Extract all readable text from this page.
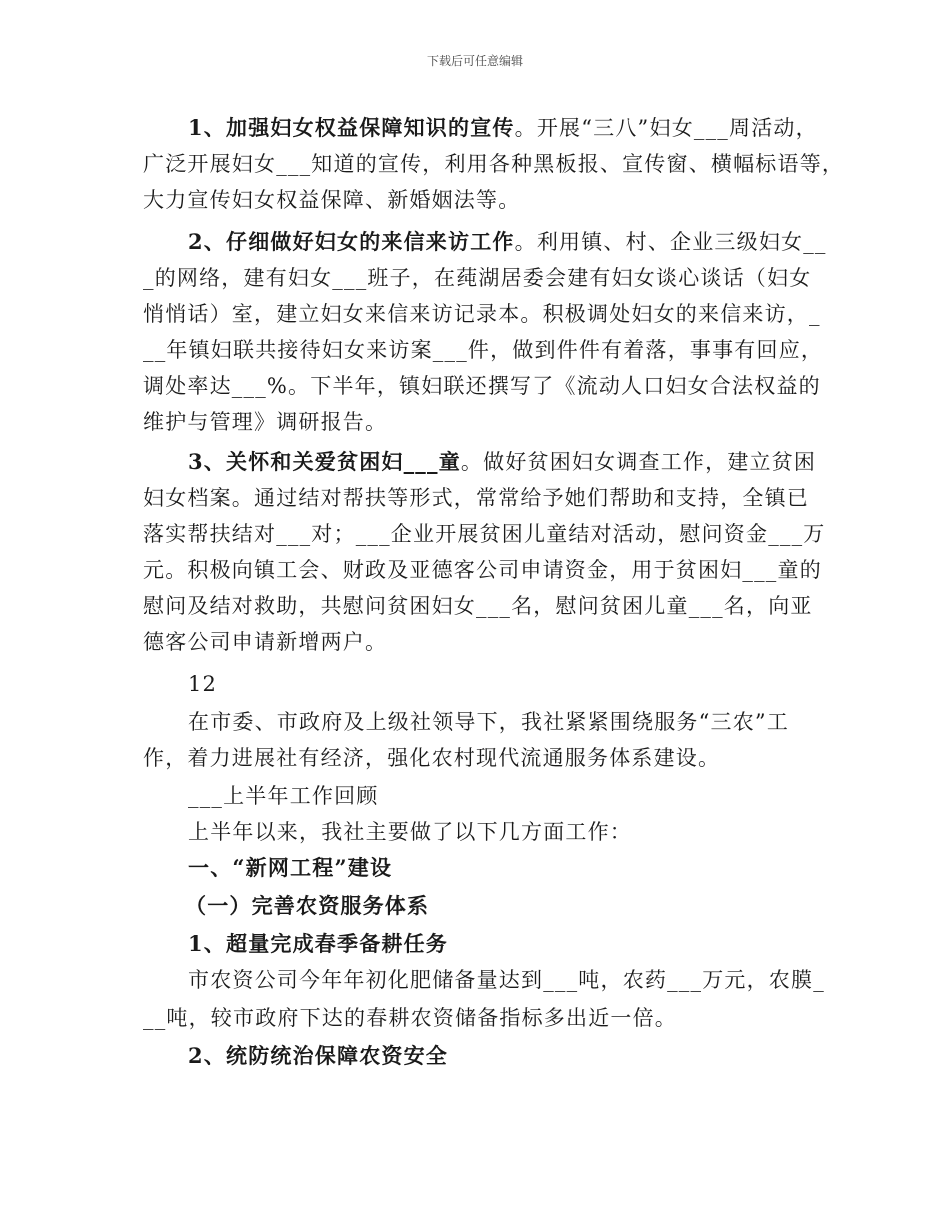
下载后可任意编辑
1、加强妇女权益保障知识的宣传。开展“三八”妇女___周活动，
广泛开展妇女___知道的宣传，利用各种黑板报、宣传窗、横幅标语等，
大力宣传妇女权益保障、新婚姻法等。
2、仔细做好妇女的来信来访工作。利用镇、村、企业三级妇女__
_的网络，建有妇女___班子，在莼湖居委会建有妇女谈心谈话（妇女
悄悄话）室，建立妇女来信来访记录本。积极调处妇女的来信来访，_
__年镇妇联共接待妇女来访案___件，做到件件有着落，事事有回应，
调处率达___%。下半年，镇妇联还撰写了《流动人口妇女合法权益的
维护与管理》调研报告。
3、关怀和关爱贫困妇___童。做好贫困妇女调查工作，建立贫困
妇女档案。通过结对帮扶等形式，常常给予她们帮助和支持，全镇已
落实帮扶结对___对；___企业开展贫困儿童结对活动，慰问资金___万
元。积极向镇工会、财政及亚德客公司申请资金，用于贫困妇___童的
慰问及结对救助，共慰问贫困妇女___名，慰问贫困儿童___名，向亚
德客公司申请新增两户。
12
在市委、市政府及上级社领导下，我社紧紧围绕服务“三农”工
作，着力进展社有经济，强化农村现代流通服务体系建设。
___上半年工作回顾
上半年以来，我社主要做了以下几方面工作：
一、“新网工程”建设
（一）完善农资服务体系
1、超量完成春季备耕任务
市农资公司今年年初化肥储备量达到___吨，农药___万元，农膜_
__吨，较市政府下达的春耕农资储备指标多出近一倍。
2、统防统治保障农资安全
